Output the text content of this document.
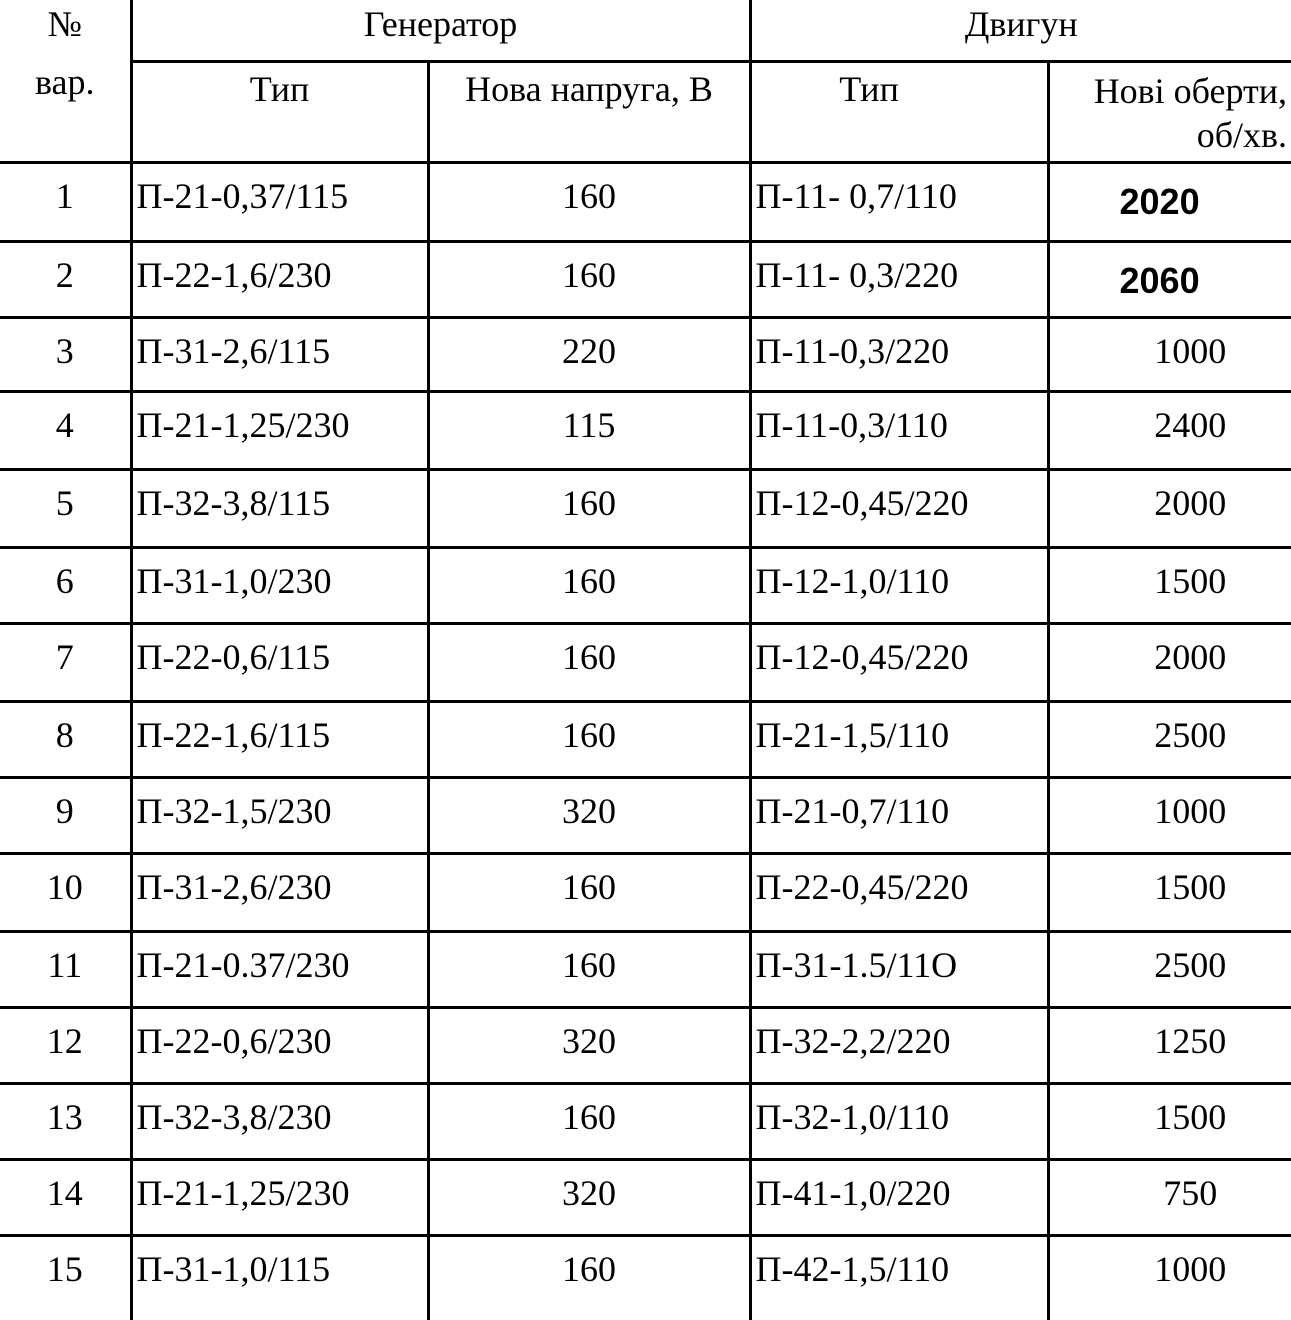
№
вар.	Генератор		Двигун	
	Тип	Нова напруга, В	Тип	Нові оберти, об/хв.
1	П-21-0,37/115	160	П-11- 0,7/110	2020
2	П-22-1,6/230	160	П-11- 0,3/220	2060
3	П-31-2,6/115	220	П-11-0,3/220	1000
4	П-21-1,25/230	115	П-11-0,3/110	2400
5	П-32-3,8/115	160	П-12-0,45/220	2000
6	П-31-1,0/230	160	П-12-1,0/110	1500
7	П-22-0,6/115	160	П-12-0,45/220	2000
8	П-22-1,6/115	160	П-21-1,5/110	2500
9	П-32-1,5/230	320	П-21-0,7/110	1000
10	П-31-2,6/230	160	П-22-0,45/220	1500
11	П-21-0.37/230	160	П-31-1.5/11О	2500
12	П-22-0,6/230	320	П-32-2,2/220	1250
13	П-32-3,8/230	160	П-32-1,0/110	1500
14	П-21-1,25/230	320	П-41-1,0/220	750
15	П-31-1,0/115	160	П-42-1,5/110	1000
